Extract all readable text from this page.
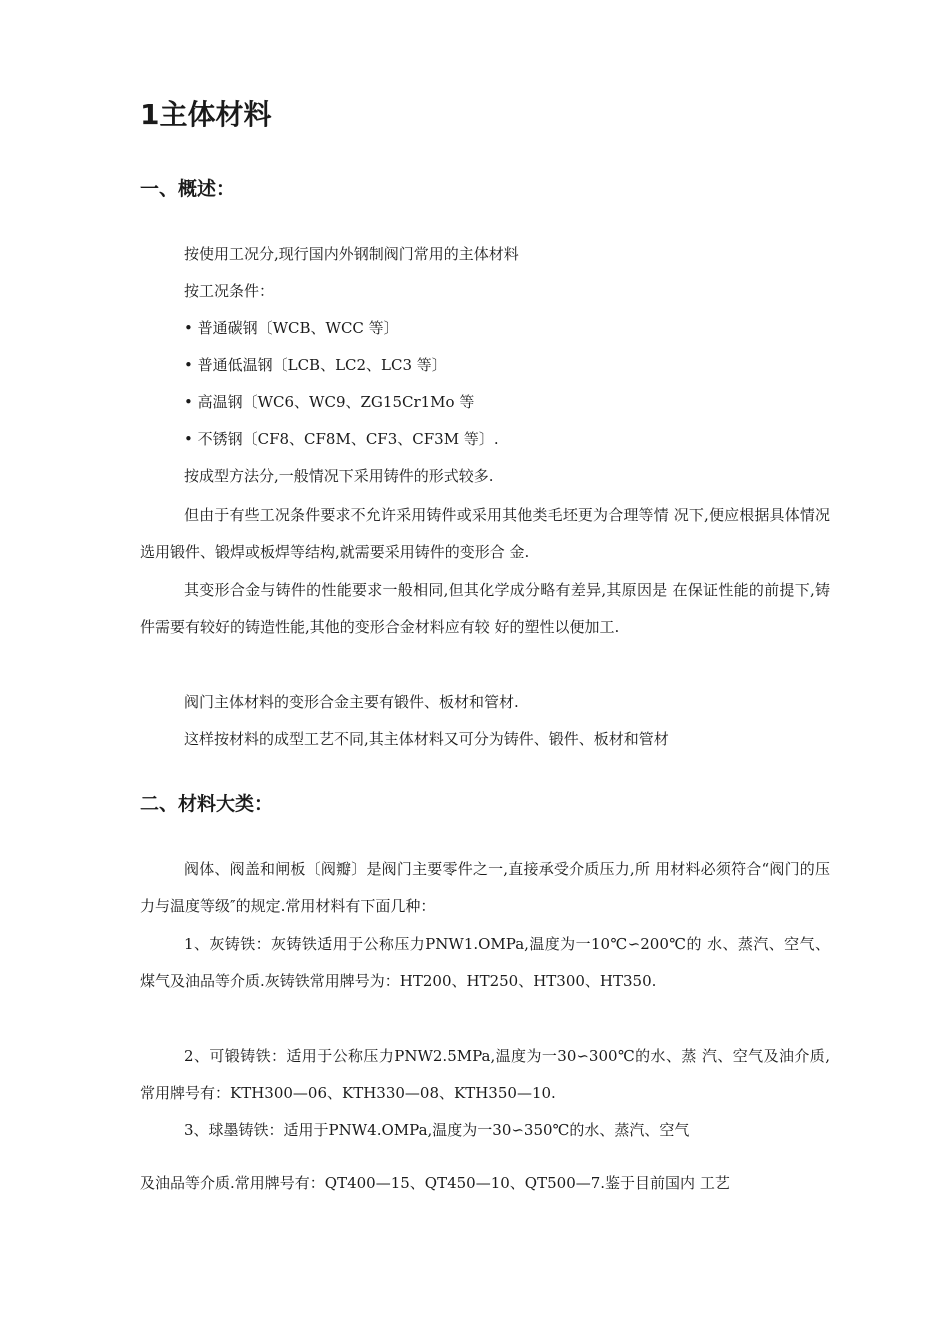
1主体材料
一、概述：

按使用工况分,现行国内外钢制阀门常用的主体材料

按工况条件：

• 普通碳钢〔WCB、WCC 等〕

• 普通低温钢〔LCB、LC2、LC3 等〕

• 高温钢〔WC6、WC9、ZG15Cr1Mo 等

• 不锈钢〔CF8、CF8M、CF3、CF3M 等〕.

按成型方法分,一般情况下采用铸件的形式较多.

但由于有些工况条件要求不允许采用铸件或采用其他类毛坯更为合理等情 况下,便应根据具体情况选用锻件、锻焊或板焊等结构,就需要采用铸件的变形合 金.

其变形合金与铸件的性能要求一般相同,但其化学成分略有差异,其原因是 在保证性能的前提下,铸件需要有较好的铸造性能,其他的变形合金材料应有较 好的塑性以便加工.

阀门主体材料的变形合金主要有锻件、板材和管材.

这样按材料的成型工艺不同,其主体材料又可分为铸件、锻件、板材和管材

二、材料大类：

阀体、阀盖和闸板〔阀瓣〕是阀门主要零件之一,直接承受介质压力,所 用材料必须符合“阀门的压力与温度等级″的规定.常用材料有下面几种：

1、灰铸铁：灰铸铁适用于公称压力PNW1.OMPa,温度为一10℃∽200℃的 水、蒸汽、空气、煤气及油品等介质.灰铸铁常用牌号为：HT200、HT250、HT300、HT350.

2、可锻铸铁：适用于公称压力PNW2.5MPa,温度为一30∽300℃的水、蒸 汽、空气及油介质,常用牌号有：KTH300—06、KTH330—08、KTH350—10.

3、球墨铸铁：适用于PNW4.OMPa,温度为一30∽350℃的水、蒸汽、空气

及油品等介质.常用牌号有：QT400—15、QT450—10、QT500—7.鉴于目前国内 工艺
